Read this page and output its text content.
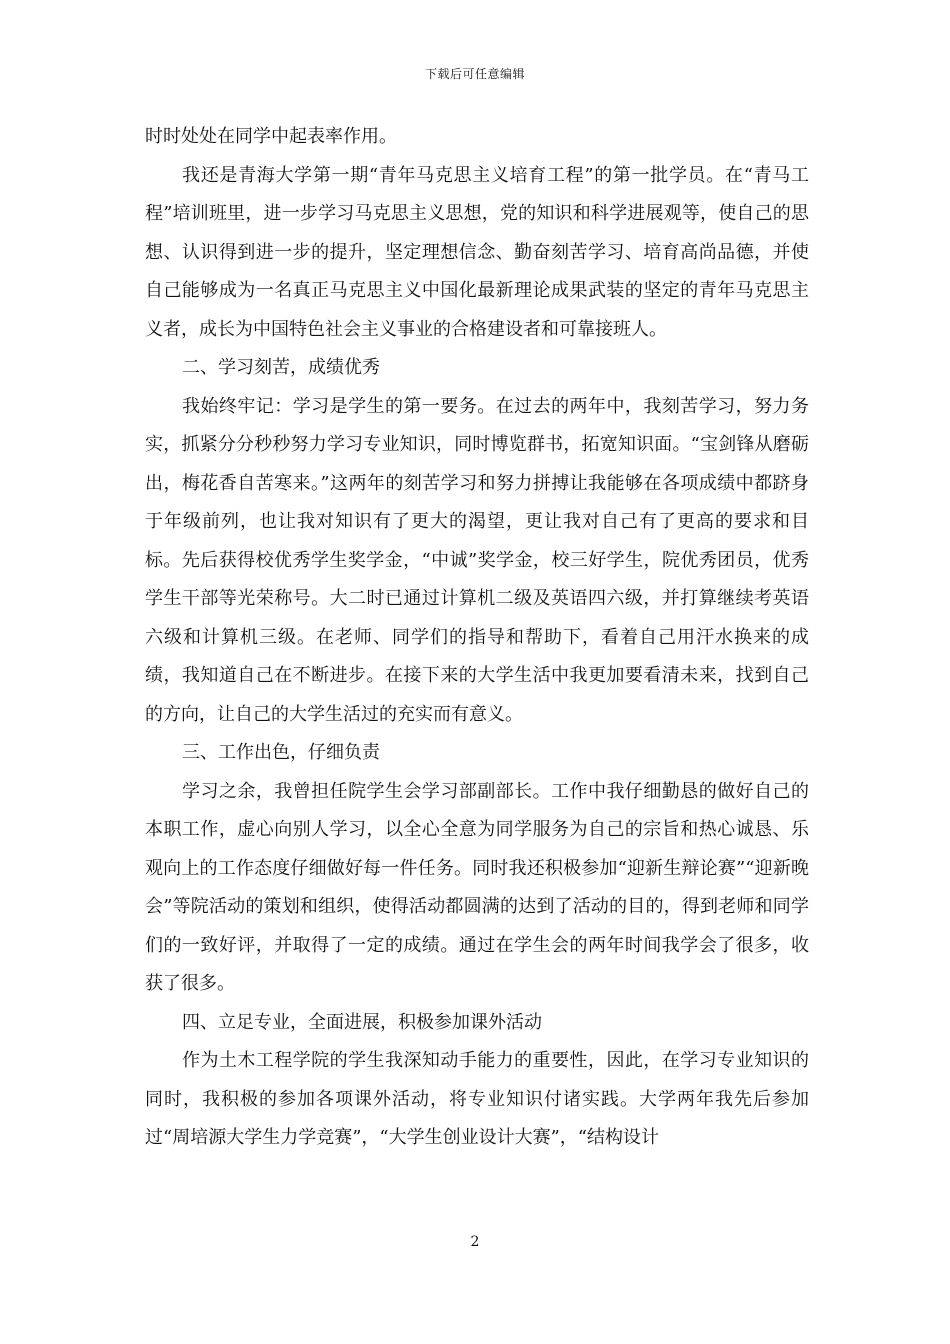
下载后可任意编辑

时时处处在同学中起表率作用。

我还是青海大学第一期“青年马克思主义培育工程”的第一批学员。在“青马工程”培训班里，进一步学习马克思主义思想，党的知识和科学进展观等，使自己的思想、认识得到进一步的提升，坚定理想信念、勤奋刻苦学习、培育高尚品德，并使自己能够成为一名真正马克思主义中国化最新理论成果武装的坚定的青年马克思主义者，成长为中国特色社会主义事业的合格建设者和可靠接班人。

二、学习刻苦，成绩优秀

我始终牢记：学习是学生的第一要务。在过去的两年中，我刻苦学习，努力务实，抓紧分分秒秒努力学习专业知识，同时博览群书，拓宽知识面。“宝剑锋从磨砺出，梅花香自苦寒来。”这两年的刻苦学习和努力拼搏让我能够在各项成绩中都跻身于年级前列，也让我对知识有了更大的渴望，更让我对自己有了更高的要求和目标。先后获得校优秀学生奖学金，“中诚”奖学金，校三好学生，院优秀团员，优秀学生干部等光荣称号。大二时已通过计算机二级及英语四六级，并打算继续考英语六级和计算机三级。在老师、同学们的指导和帮助下，看着自己用汗水换来的成绩，我知道自己在不断进步。在接下来的大学生活中我更加要看清未来，找到自己的方向，让自己的大学生活过的充实而有意义。

三、工作出色，仔细负责

学习之余，我曾担任院学生会学习部副部长。工作中我仔细勤恳的做好自己的本职工作，虚心向别人学习，以全心全意为同学服务为自己的宗旨和热心诚恳、乐观向上的工作态度仔细做好每一件任务。同时我还积极参加“迎新生辩论赛”“迎新晚会”等院活动的策划和组织，使得活动都圆满的达到了活动的目的，得到老师和同学们的一致好评，并取得了一定的成绩。通过在学生会的两年时间我学会了很多，收获了很多。

四、立足专业，全面进展，积极参加课外活动

作为土木工程学院的学生我深知动手能力的重要性，因此，在学习专业知识的同时，我积极的参加各项课外活动，将专业知识付诸实践。大学两年我先后参加过“周培源大学生力学竞赛”，“大学生创业设计大赛”，“结构设计

2
